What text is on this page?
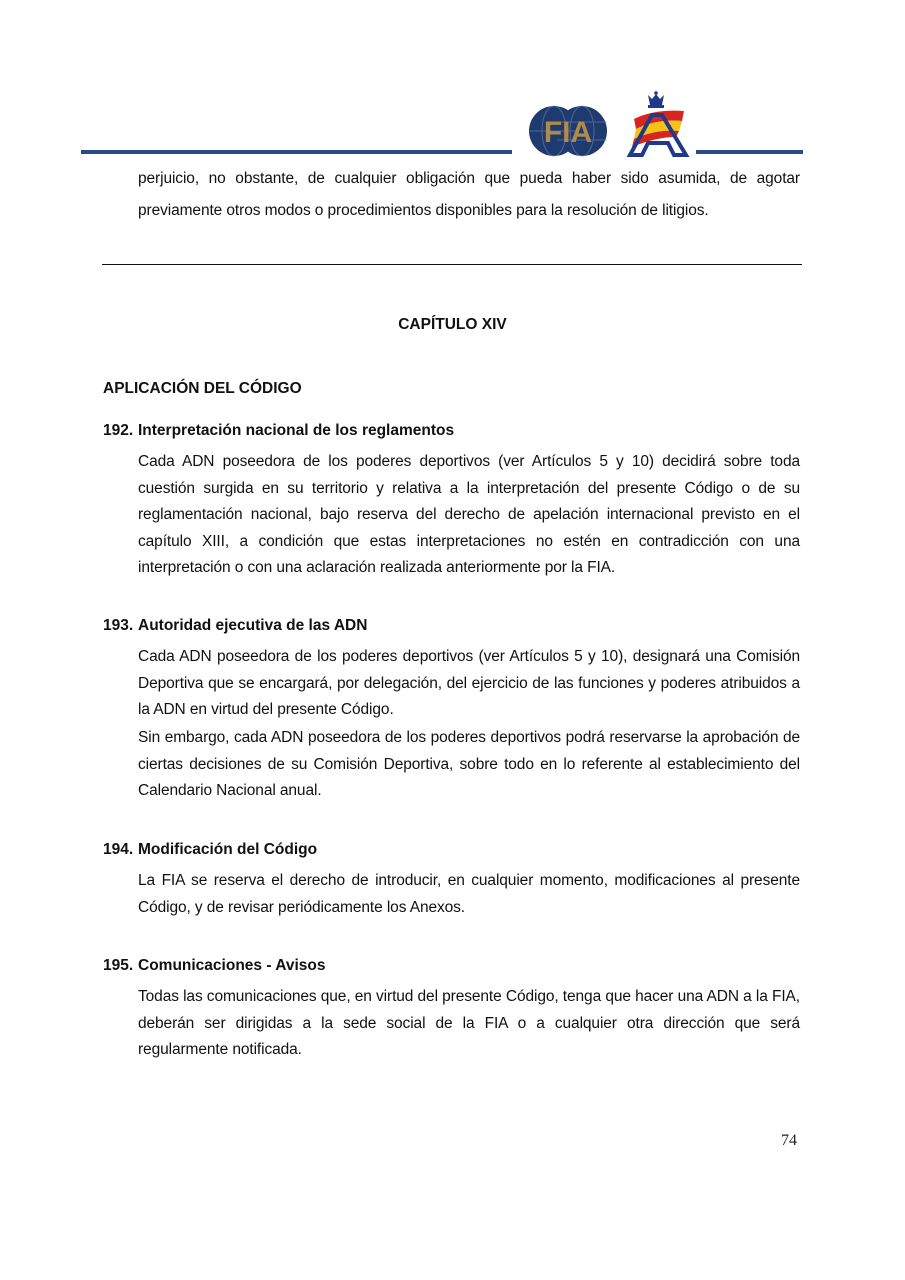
FIA
perjuicio, no obstante, de cualquier obligación que pueda haber sido asumida, de agotar previamente otros modos o procedimientos disponibles para la resolución de litigios.
CAPÍTULO XIV
APLICACIÓN DEL CÓDIGO
192. Interpretación nacional de los reglamentos
Cada ADN poseedora de los poderes deportivos (ver Artículos 5 y 10) decidirá sobre toda cuestión surgida en su territorio y relativa a la interpretación del presente Código o de su reglamentación nacional, bajo reserva del derecho de apelación internacional previsto en el capítulo XIII, a condición que estas interpretaciones no estén en contradicción con una interpretación o con una aclaración realizada anteriormente por la FIA.
193. Autoridad ejecutiva de las ADN
Cada ADN poseedora de los poderes deportivos (ver Artículos 5 y 10), designará una Comisión Deportiva que se encargará, por delegación, del ejercicio de las funciones y poderes atribuidos a la ADN en virtud del presente Código.
Sin embargo, cada ADN poseedora de los poderes deportivos podrá reservarse la aprobación de ciertas decisiones de su Comisión Deportiva, sobre todo en lo referente al establecimiento del Calendario Nacional anual.
194. Modificación del Código
La FIA se reserva el derecho de introducir, en cualquier momento, modificaciones al presente Código, y de revisar periódicamente los Anexos.
195. Comunicaciones - Avisos
Todas las comunicaciones que, en virtud del presente Código, tenga que hacer una ADN a la FIA, deberán ser dirigidas a la sede social de la FIA o a cualquier otra dirección que será regularmente notificada.
74
